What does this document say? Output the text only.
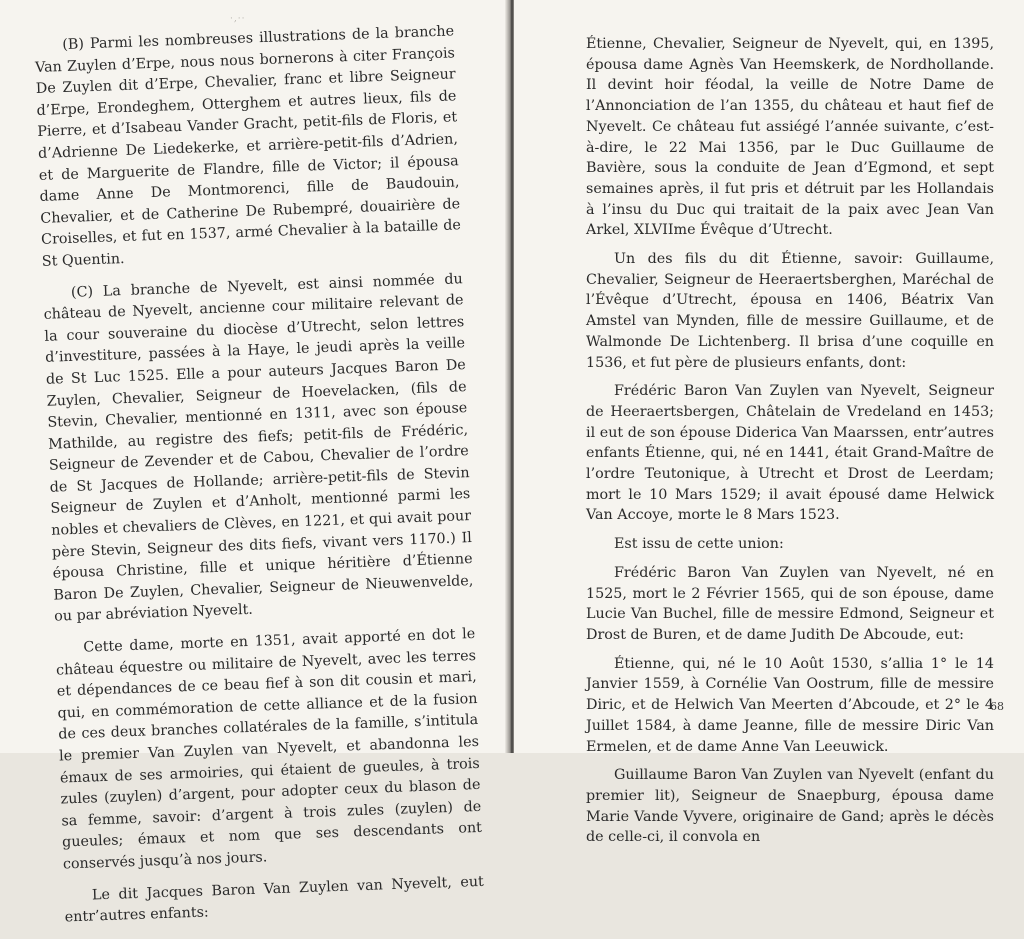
·‚··

(B) Parmi les nombreuses illustrations de la branche Van Zuylen d’Erpe, nous nous bornerons à citer François De Zuylen dit d’Erpe, Chevalier, franc et libre Seigneur d’Erpe, Erondeghem, Otterghem et autres lieux, fils de Pierre, et d’Isabeau Vander Gracht, petit-fils de Floris, et d’Adrienne De Liedekerke, et arrière-petit-fils d’Adrien, et de Marguerite de Flandre, fille de Victor; il épousa dame Anne De Montmorenci, fille de Baudouin, Chevalier, et de Catherine De Rubempré, douairière de Croiselles, et fut en 1537, armé Chevalier à la bataille de St Quentin.

(C) La branche de Nyevelt, est ainsi nommée du château de Nyevelt, ancienne cour militaire relevant de la cour souveraine du diocèse d’Utrecht, selon lettres d’investiture, passées à la Haye, le jeudi après la veille de St Luc 1525. Elle a pour auteurs Jacques Baron De Zuylen, Chevalier, Seigneur de Hoevelacken, (fils de Stevin, Chevalier, mentionné en 1311, avec son épouse Mathilde, au registre des fiefs; petit-fils de Frédéric, Seigneur de Zevender et de Cabou, Chevalier de l’ordre de St Jacques de Hollande; arrière-petit-fils de Stevin Seigneur de Zuylen et d’Anholt, mentionné parmi les nobles et chevaliers de Clèves, en 1221, et qui avait pour père Stevin, Seigneur des dits fiefs, vivant vers 1170.) Il épousa Christine, fille et unique héritière d’Étienne Baron De Zuylen, Chevalier, Seigneur de Nieuwenvelde, ou par abréviation Nyevelt.

Cette dame, morte en 1351, avait apporté en dot le château équestre ou militaire de Nyevelt, avec les terres et dépendances de ce beau fief à son dit cousin et mari, qui, en commémoration de cette alliance et de la fusion de ces deux branches collatérales de la famille, s’intitula le premier Van Zuylen van Nyevelt, et abandonna les émaux de ses armoiries, qui étaient de gueules, à trois zules (zuylen) d’argent, pour adopter ceux du blason de sa femme, savoir: d’argent à trois zules (zuylen) de gueules; émaux et nom que ses descendants ont conservés jusqu’à nos jours.

Le dit Jacques Baron Van Zuylen van Nyevelt, eut entr’autres enfants:

Étienne, Chevalier, Seigneur de Nyevelt, qui, en 1395, épousa dame Agnès Van Heemskerk, de Nordhollande. Il devint hoir féodal, la veille de Notre Dame de l’Annonciation de l’an 1355, du château et haut fief de Nyevelt. Ce château fut assiégé l’année suivante, c’est-à-dire, le 22 Mai 1356, par le Duc Guillaume de Bavière, sous la conduite de Jean d’Egmond, et sept semaines après, il fut pris et détruit par les Hollandais à l’insu du Duc qui traitait de la paix avec Jean Van Arkel, XLVIIme Évêque d’Utrecht.

Un des fils du dit Étienne, savoir: Guillaume, Chevalier, Seigneur de Heeraertsberghen, Maréchal de l’Évêque d’Utrecht, épousa en 1406, Béatrix Van Amstel van Mynden, fille de messire Guillaume, et de Walmonde De Lichtenberg. Il brisa d’une coquille en 1536, et fut père de plusieurs enfants, dont:

Frédéric Baron Van Zuylen van Nyevelt, Seigneur de Heeraertsbergen, Châtelain de Vredeland en 1453; il eut de son épouse Diderica Van Maarssen, entr’autres enfants Étienne, qui, né en 1441, était Grand-Maître de l’ordre Teutonique, à Utrecht et Drost de Leerdam; mort le 10 Mars 1529; il avait épousé dame Helwick Van Accoye, morte le 8 Mars 1523.

Est issu de cette union:

Frédéric Baron Van Zuylen van Nyevelt, né en 1525, mort le 2 Février 1565, qui de son épouse, dame Lucie Van Buchel, fille de messire Edmond, Seigneur et Drost de Buren, et de dame Judith De Abcoude, eut:

Étienne, qui, né le 10 Août 1530, s’allia 1° le 14 Janvier 1559, à Cornélie Van Oostrum, fille de messire Diric, et de Helwich Van Meerten d’Abcoude, et 2° le 4 Juillet 1584, à dame Jeanne, fille de messire Diric Van Ermelen, et de dame Anne Van Leeuwick.

Guillaume Baron Van Zuylen van Nyevelt (enfant du premier lit), Seigneur de Snaepburg, épousa dame Marie Vande Vyvere, originaire de Gand; après le décès de celle-ci, il convola en

68
